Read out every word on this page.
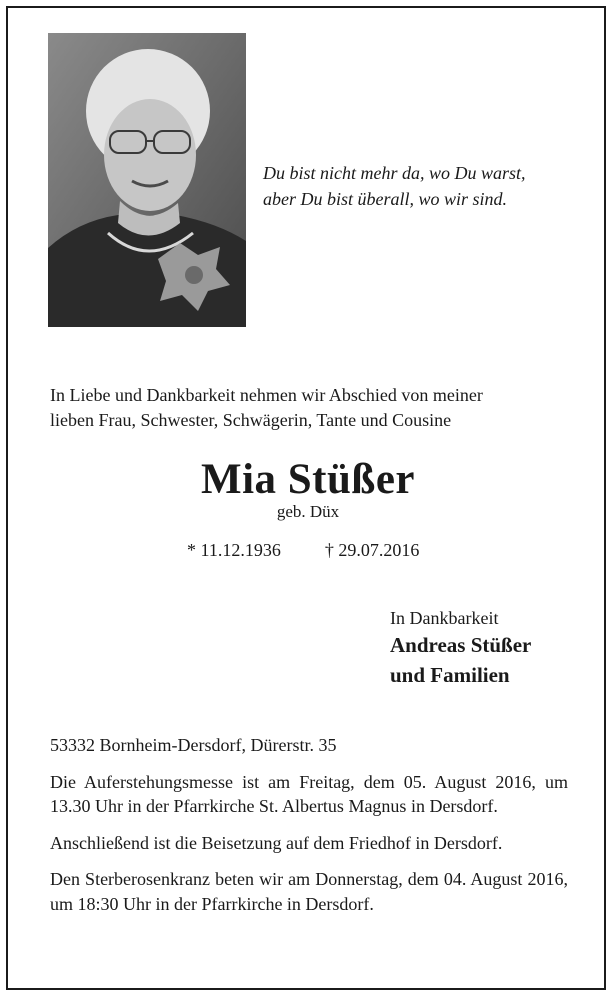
Du bist nicht mehr da, wo Du warst,
aber Du bist überall, wo wir sind.
In Liebe und Dankbarkeit nehmen wir Abschied von meiner
lieben Frau, Schwester, Schwägerin, Tante und Cousine
Mia Stüßer
geb. Düx
* 11.12.1936 † 29.07.2016
In Dankbarkeit
Andreas Stüßer
und Familien

53332 Bornheim-Dersdorf, Dürerstr. 35

Die Auferstehungsmesse ist am Freitag, dem 05. August 2016, um 13.30 Uhr in der Pfarrkirche St. Albertus Magnus in Dersdorf.

Anschließend ist die Beisetzung auf dem Friedhof in Dersdorf.

Den Sterberosenkranz beten wir am Donnerstag, dem 04. August 2016, um 18:30 Uhr in der Pfarrkirche in Dersdorf.
